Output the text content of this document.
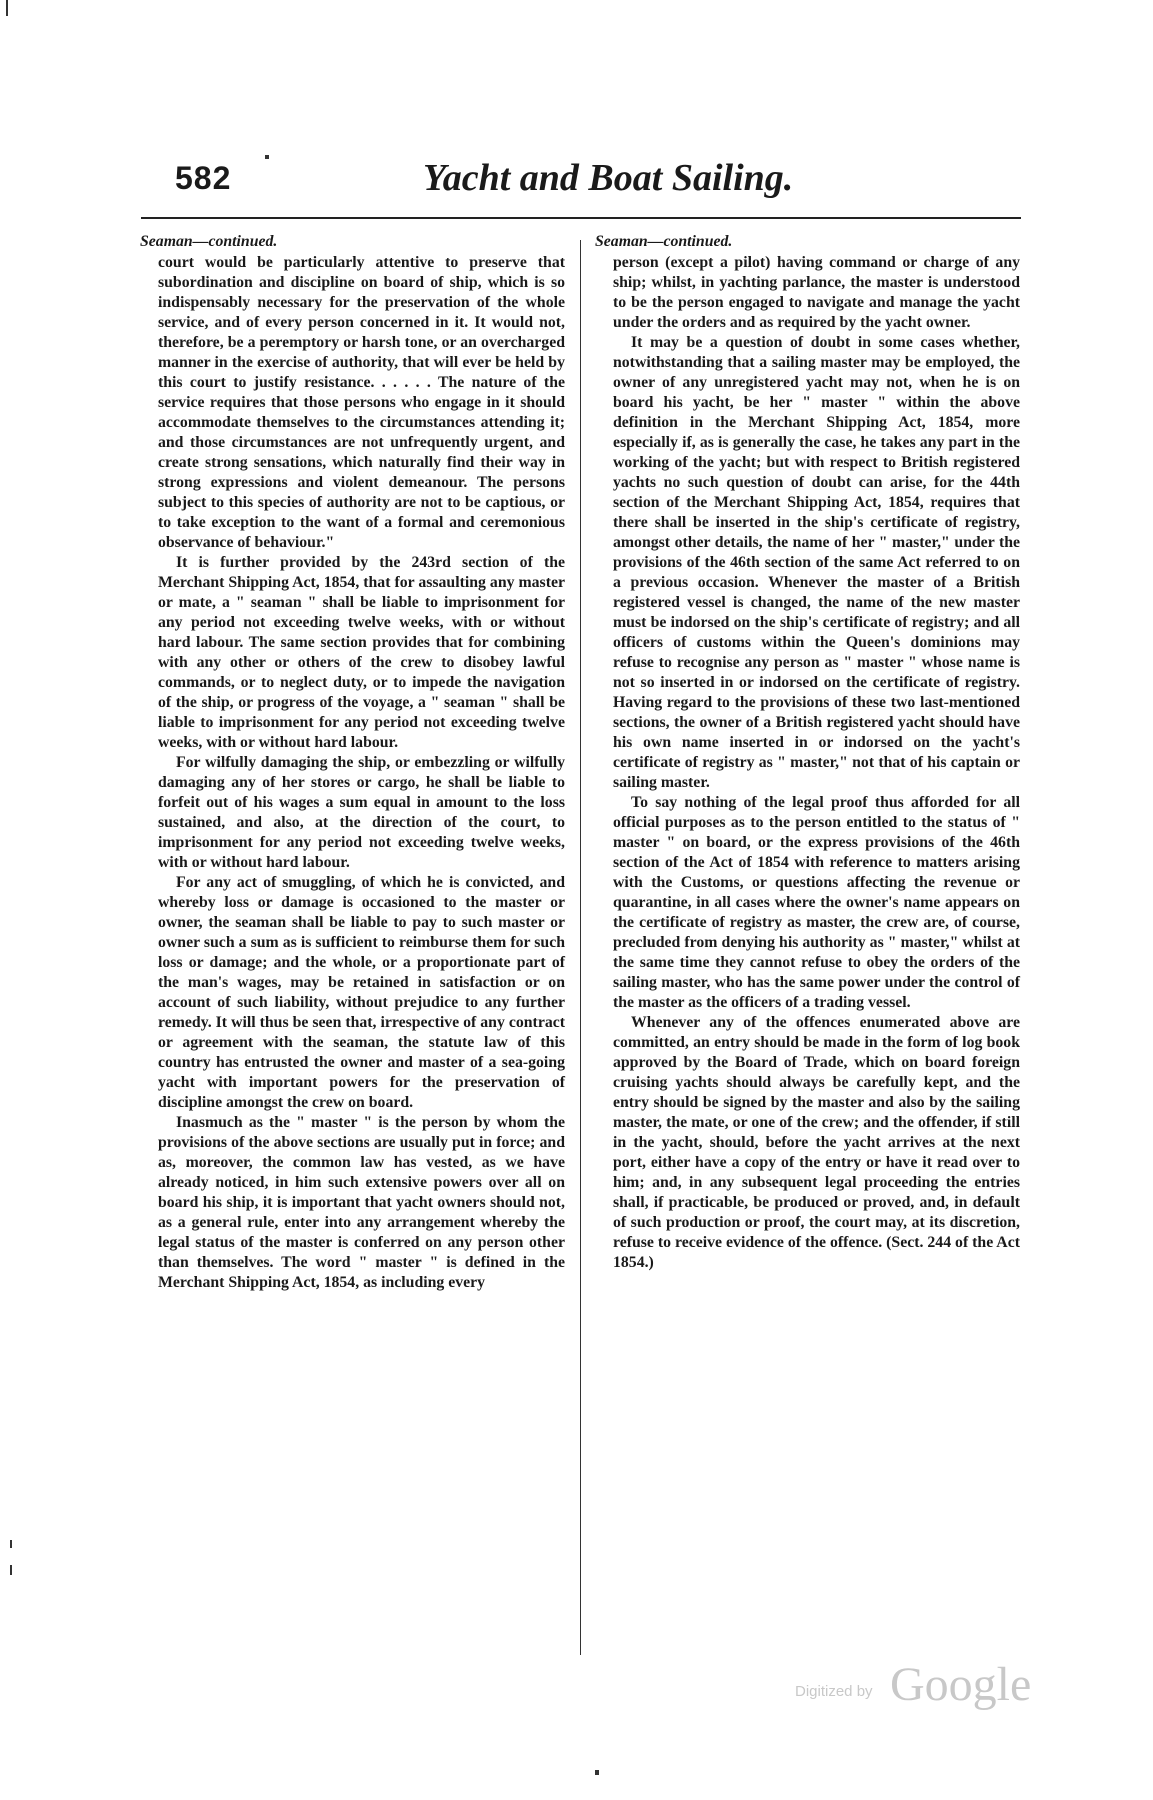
582	Yacht and Boat Sailing.
Seaman—continued.

court would be particularly attentive to preserve that subordination and discipline on board of ship, which is so indispensably necessary for the preservation of the whole service, and of every person concerned in it. It would not, therefore, be a peremptory or harsh tone, or an overcharged manner in the exercise of authority, that will ever be held by this court to justify resistance. . . . . . The nature of the service requires that those persons who engage in it should accommodate themselves to the circumstances attending it; and those circumstances are not unfrequently urgent, and create strong sensations, which naturally find their way in strong expressions and violent demeanour. The persons subject to this species of authority are not to be captious, or to take exception to the want of a formal and ceremonious observance of behaviour."

It is further provided by the 243rd section of the Merchant Shipping Act, 1854, that for assaulting any master or mate, a " seaman " shall be liable to imprisonment for any period not exceeding twelve weeks, with or without hard labour. The same section provides that for combining with any other or others of the crew to disobey lawful commands, or to neglect duty, or to impede the navigation of the ship, or progress of the voyage, a " seaman " shall be liable to imprisonment for any period not exceeding twelve weeks, with or without hard labour.

For wilfully damaging the ship, or embezzling or wilfully damaging any of her stores or cargo, he shall be liable to forfeit out of his wages a sum equal in amount to the loss sustained, and also, at the direction of the court, to imprisonment for any period not exceeding twelve weeks, with or without hard labour.

For any act of smuggling, of which he is convicted, and whereby loss or damage is occasioned to the master or owner, the seaman shall be liable to pay to such master or owner such a sum as is sufficient to reimburse them for such loss or damage; and the whole, or a proportionate part of the man's wages, may be retained in satisfaction or on account of such liability, without prejudice to any further remedy. It will thus be seen that, irrespective of any contract or agreement with the seaman, the statute law of this country has entrusted the owner and master of a sea-going yacht with important powers for the preservation of discipline amongst the crew on board.

Inasmuch as the " master " is the person by whom the provisions of the above sections are usually put in force; and as, moreover, the common law has vested, as we have already noticed, in him such extensive powers over all on board his ship, it is important that yacht owners should not, as a general rule, enter into any arrangement whereby the legal status of the master is conferred on any person other than themselves. The word " master " is defined in the Merchant Shipping Act, 1854, as including every

Seaman—continued.

person (except a pilot) having command or charge of any ship; whilst, in yachting parlance, the master is understood to be the person engaged to navigate and manage the yacht under the orders and as required by the yacht owner.

It may be a question of doubt in some cases whether, notwithstanding that a sailing master may be employed, the owner of any unregistered yacht may not, when he is on board his yacht, be her " master " within the above definition in the Merchant Shipping Act, 1854, more especially if, as is generally the case, he takes any part in the working of the yacht; but with respect to British registered yachts no such question of doubt can arise, for the 44th section of the Merchant Shipping Act, 1854, requires that there shall be inserted in the ship's certificate of registry, amongst other details, the name of her " master," under the provisions of the 46th section of the same Act referred to on a previous occasion. Whenever the master of a British registered vessel is changed, the name of the new master must be indorsed on the ship's certificate of registry; and all officers of customs within the Queen's dominions may refuse to recognise any person as " master " whose name is not so inserted in or indorsed on the certificate of registry. Having regard to the provisions of these two last-mentioned sections, the owner of a British registered yacht should have his own name inserted in or indorsed on the yacht's certificate of registry as " master," not that of his captain or sailing master.

To say nothing of the legal proof thus afforded for all official purposes as to the person entitled to the status of " master " on board, or the express provisions of the 46th section of the Act of 1854 with reference to matters arising with the Customs, or questions affecting the revenue or quarantine, in all cases where the owner's name appears on the certificate of registry as master, the crew are, of course, precluded from denying his authority as " master," whilst at the same time they cannot refuse to obey the orders of the sailing master, who has the same power under the control of the master as the officers of a trading vessel.

Whenever any of the offences enumerated above are committed, an entry should be made in the form of log book approved by the Board of Trade, which on board foreign cruising yachts should always be carefully kept, and the entry should be signed by the master and also by the sailing master, the mate, or one of the crew; and the offender, if still in the yacht, should, before the yacht arrives at the next port, either have a copy of the entry or have it read over to him; and, in any subsequent legal proceeding the entries shall, if practicable, be produced or proved, and, in default of such production or proof, the court may, at its discretion, refuse to receive evidence of the offence. (Sect. 244 of the Act 1854.)

Digitized by Google
